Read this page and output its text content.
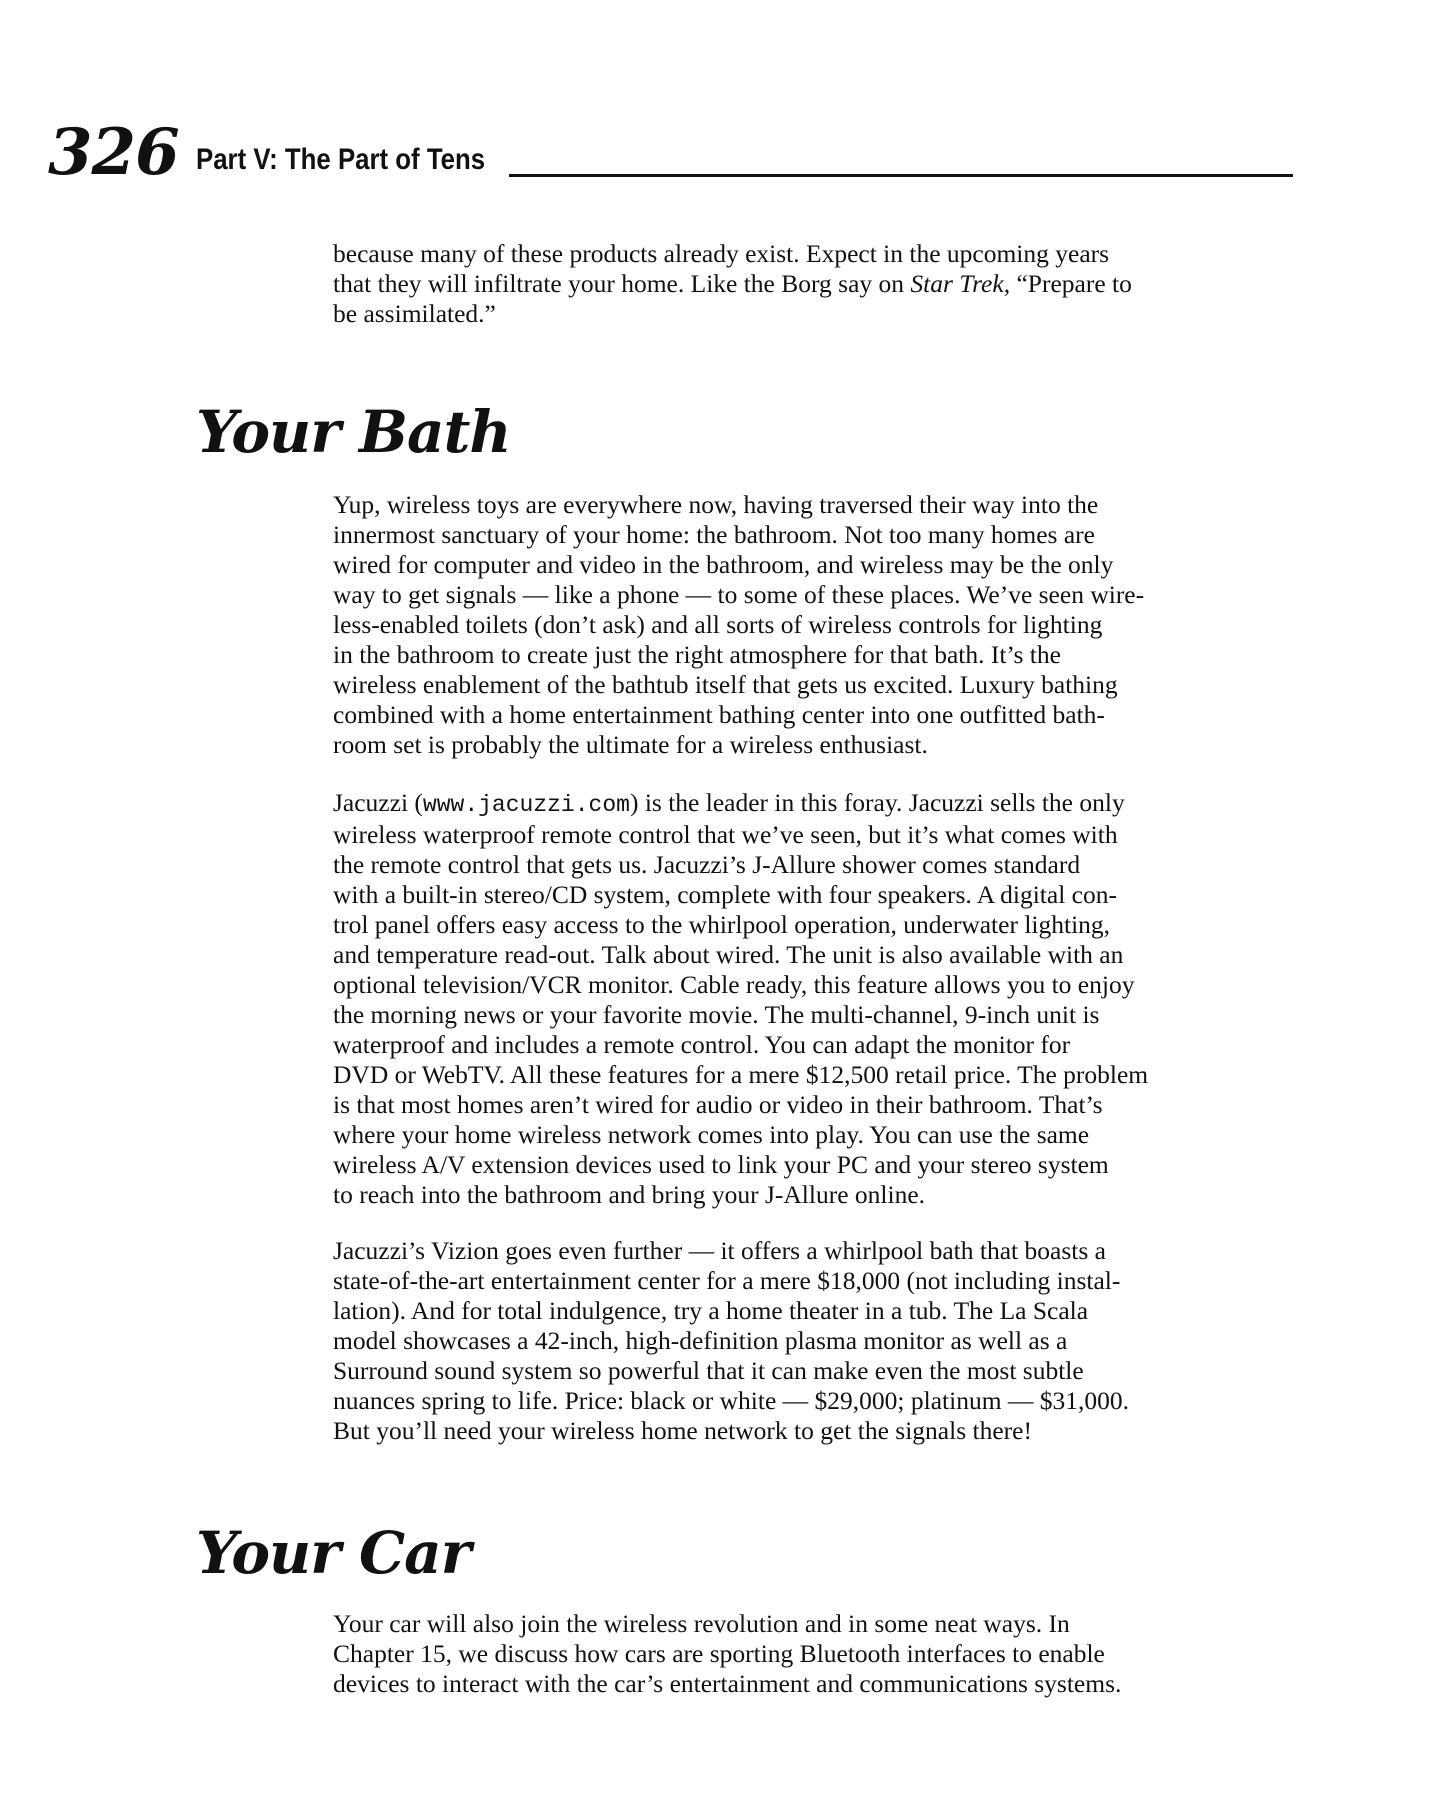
326 Part V: The Part of Tens

because many of these products already exist. Expect in the upcoming years
that they will infiltrate your home. Like the Borg say on Star Trek, “Prepare to
be assimilated.”

Your Bath

Yup, wireless toys are everywhere now, having traversed their way into the
innermost sanctuary of your home: the bathroom. Not too many homes are
wired for computer and video in the bathroom, and wireless may be the only
way to get signals — like a phone — to some of these places. We’ve seen wire-
less-enabled toilets (don’t ask) and all sorts of wireless controls for lighting
in the bathroom to create just the right atmosphere for that bath. It’s the
wireless enablement of the bathtub itself that gets us excited. Luxury bathing
combined with a home entertainment bathing center into one outfitted bath-
room set is probably the ultimate for a wireless enthusiast.

Jacuzzi (www.jacuzzi.com) is the leader in this foray. Jacuzzi sells the only
wireless waterproof remote control that we’ve seen, but it’s what comes with
the remote control that gets us. Jacuzzi’s J-Allure shower comes standard
with a built-in stereo/CD system, complete with four speakers. A digital con-
trol panel offers easy access to the whirlpool operation, underwater lighting,
and temperature read-out. Talk about wired. The unit is also available with an
optional television/VCR monitor. Cable ready, this feature allows you to enjoy
the morning news or your favorite movie. The multi-channel, 9-inch unit is
waterproof and includes a remote control. You can adapt the monitor for
DVD or WebTV. All these features for a mere $12,500 retail price. The problem
is that most homes aren’t wired for audio or video in their bathroom. That’s
where your home wireless network comes into play. You can use the same
wireless A/V extension devices used to link your PC and your stereo system
to reach into the bathroom and bring your J-Allure online.

Jacuzzi’s Vizion goes even further — it offers a whirlpool bath that boasts a
state-of-the-art entertainment center for a mere $18,000 (not including instal-
lation). And for total indulgence, try a home theater in a tub. The La Scala
model showcases a 42-inch, high-definition plasma monitor as well as a
Surround sound system so powerful that it can make even the most subtle
nuances spring to life. Price: black or white — $29,000; platinum — $31,000.
But you’ll need your wireless home network to get the signals there!

Your Car

Your car will also join the wireless revolution and in some neat ways. In
Chapter 15, we discuss how cars are sporting Bluetooth interfaces to enable
devices to interact with the car’s entertainment and communications systems.
